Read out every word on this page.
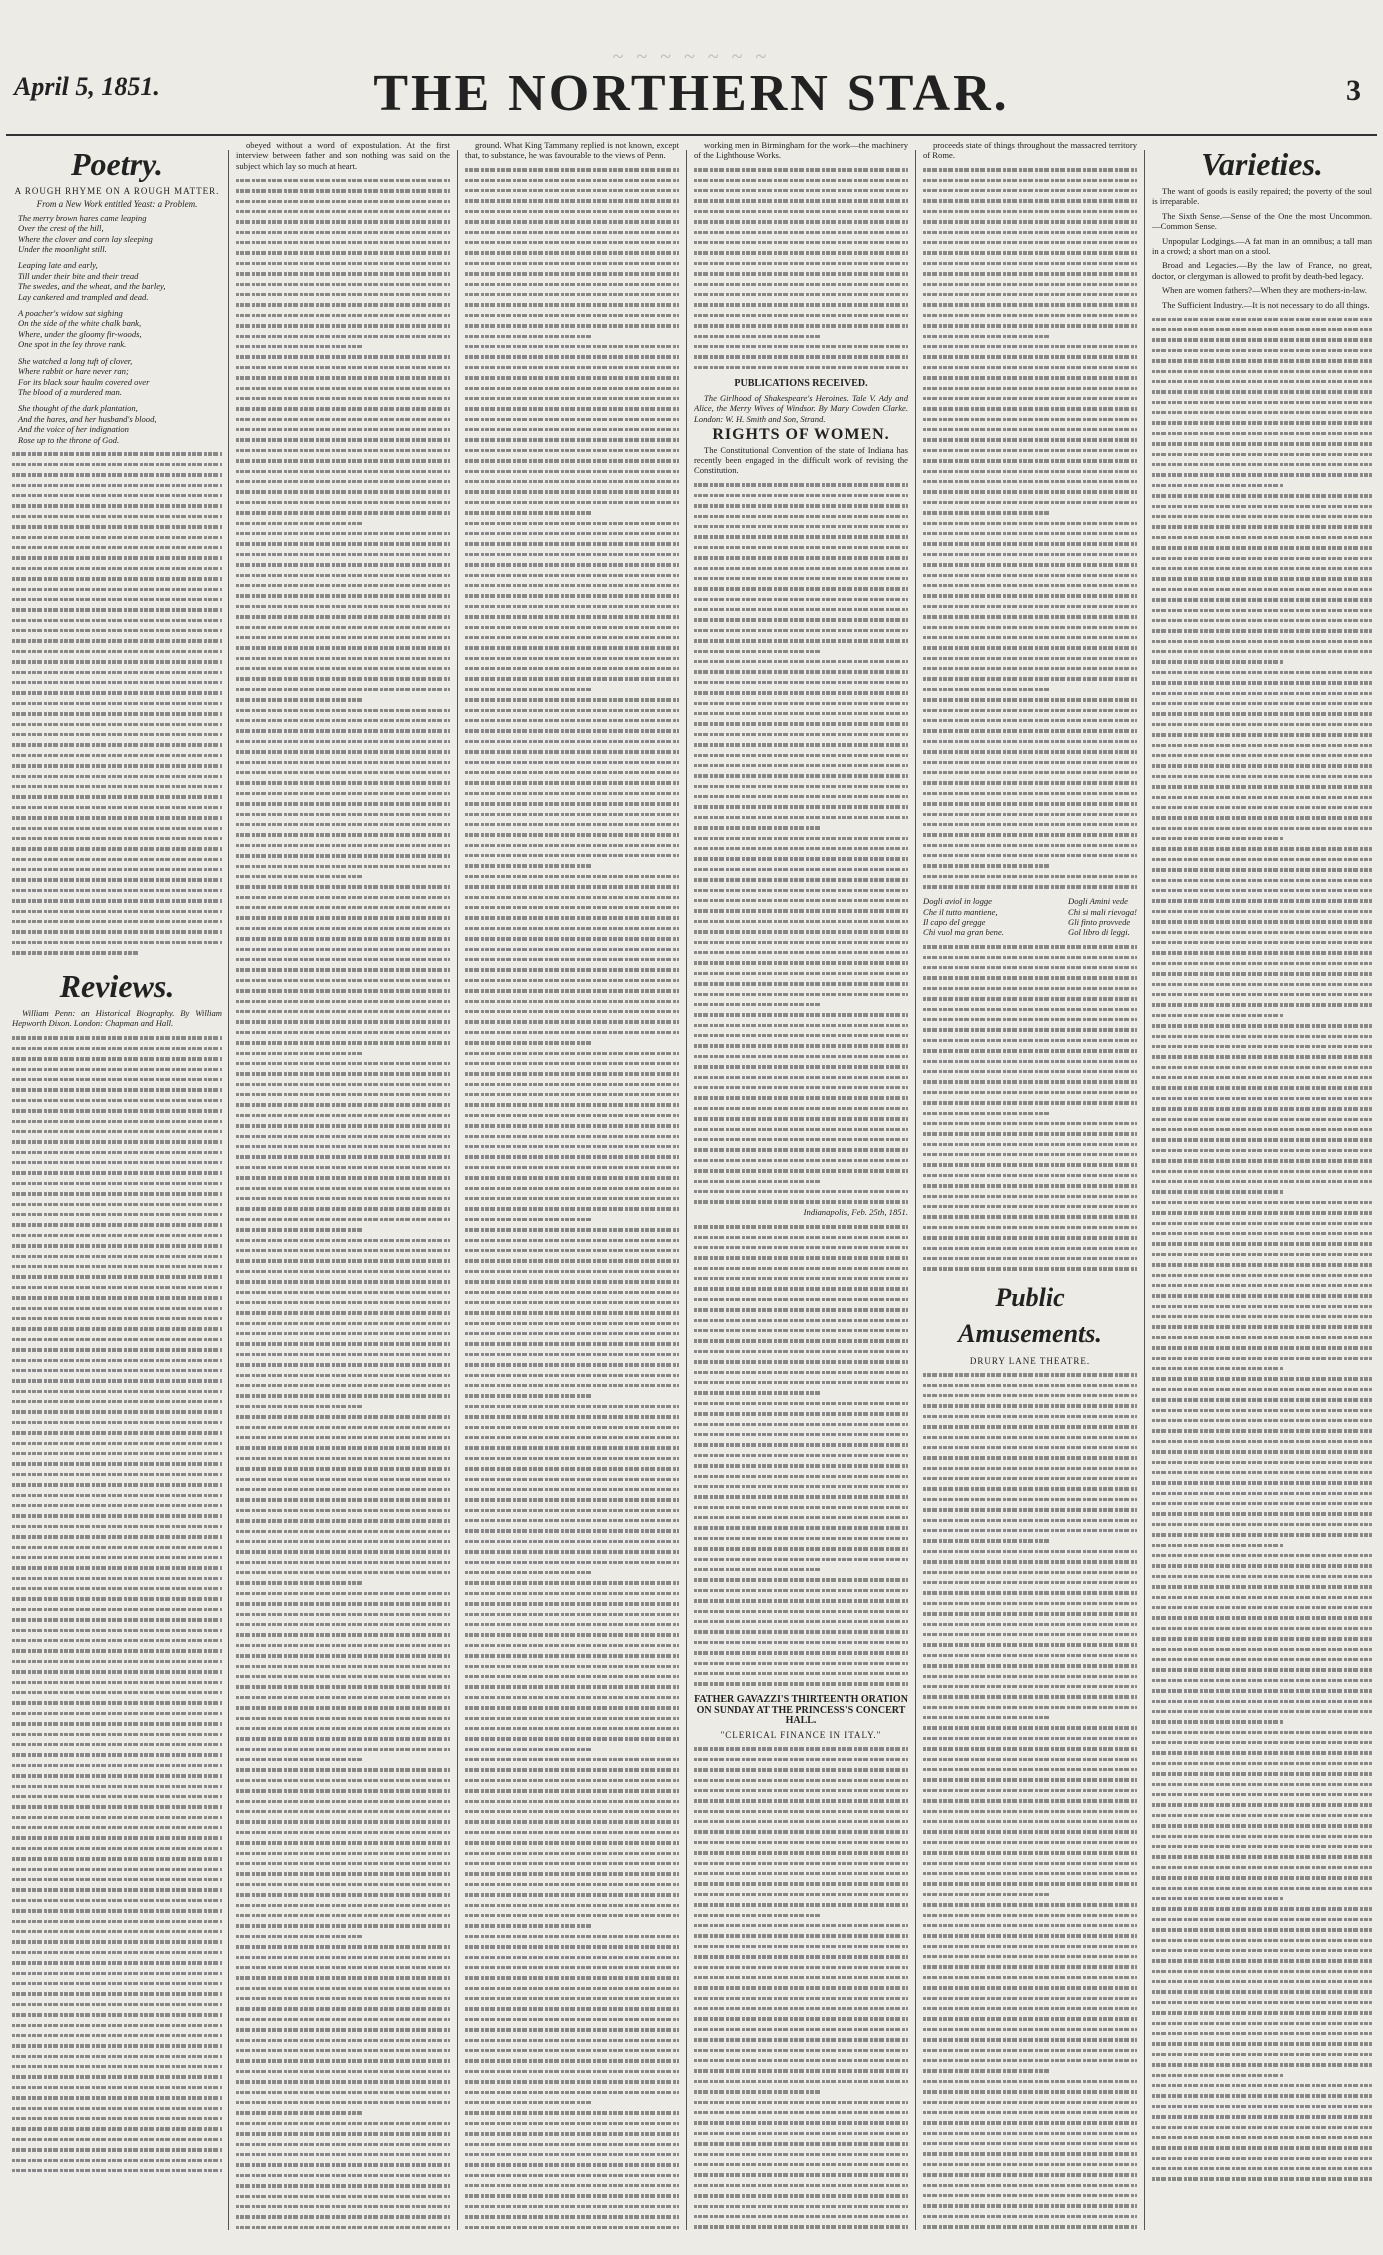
~ ~ ~ ~ ~ ~ ~
April 5, 1851.	THE NORTHERN STAR.	3
Poetry.
A ROUGH RHYME ON A ROUGH MATTER.
From a New Work entitled Yeast: a Problem.
The merry brown hares came leaping
Over the crest of the hill,
Where the clover and corn lay sleeping
Under the moonlight still.
Leaping late and early,
Till under their bite and their tread
The swedes, and the wheat, and the barley,
Lay cankered and trampled and dead.
A poacher's widow sat sighing
On the side of the white chalk bank,
Where, under the gloomy fir-woods,
One spot in the ley throve rank.
She watched a long tuft of clover,
Where rabbit or hare never ran;
For its black sour haulm covered over
The blood of a murdered man.
She thought of the dark plantation,
And the hares, and her husband's blood,
And the voice of her indignation
Rose up to the throne of God.
Reviews.

William Penn: an Historical Biography. By William Hepworth Dixon. London: Chapman and Hall.

obeyed without a word of expostulation. At the first interview between father and son nothing was said on the subject which lay so much at heart.

ground. What King Tammany replied is not known, except that, to substance, he was favourable to the views of Penn.

working men in Birmingham for the work—the machinery of the Lighthouse Works.

PUBLICATIONS RECEIVED.

The Girlhood of Shakespeare's Heroines. Tale V. Ady and Alice, the Merry Wives of Windsor. By Mary Cowden Clarke. London: W. H. Smith and Son, Strand.

RIGHTS OF WOMEN.

The Constitutional Convention of the state of Indiana has recently been engaged in the difficult work of revising the Constitution.

Indianapolis, Feb. 25th, 1851.

FATHER GAVAZZI'S THIRTEENTH ORATION ON SUNDAY AT THE PRINCESS'S CONCERT HALL.
"CLERICAL FINANCE IN ITALY."

proceeds state of things throughout the massacred territory of Rome.

Dogli aviol in logge
Che il tutto mantiene,
Il capo del gregge
Chi vuol ma gran bene.
Dogli Amini vede
Chi si mali rievoga!
Gli finto provvede
Gol libro di leggi.
Public Amusements.
DRURY LANE THEATRE.
Varieties.

The want of goods is easily repaired; the poverty of the soul is irreparable.

The Sixth Sense.—Sense of the One the most Uncommon.—Common Sense.

Unpopular Lodgings.—A fat man in an omnibus; a tall man in a crowd; a short man on a stool.

Broad and Legacies.—By the law of France, no great, doctor, or clergyman is allowed to profit by death-bed legacy.

When are women fathers?—When they are mothers-in-law.

The Sufficient Industry.—It is not necessary to do all things.
